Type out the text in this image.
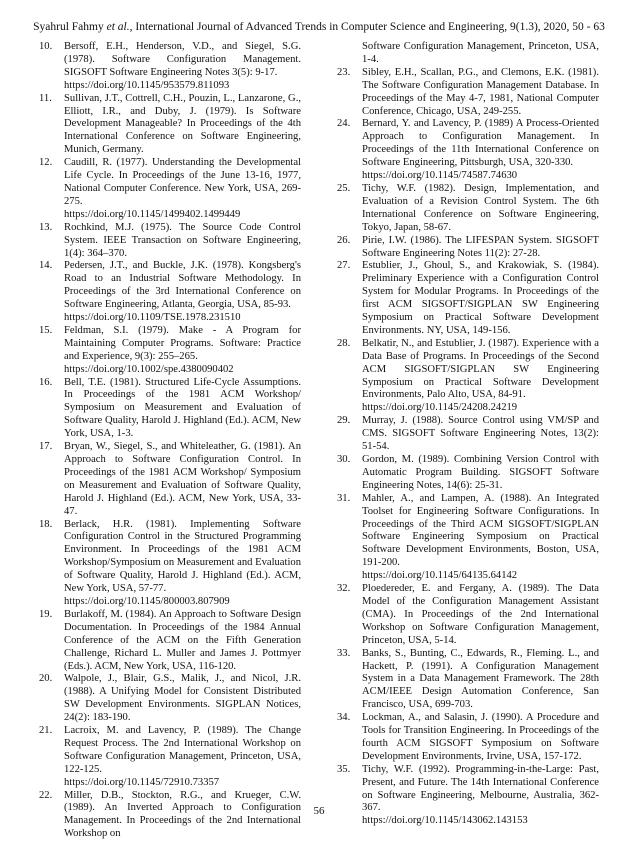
Syahrul Fahmy et al., International Journal of Advanced Trends in Computer Science and Engineering, 9(1.3), 2020, 50 - 63
10. Bersoff, E.H., Henderson, V.D., and Siegel, S.G. (1978). Software Configuration Management. SIGSOFT Software Engineering Notes 3(5): 9-17.
https://doi.org/10.1145/953579.811093
11. Sullivan, J.T., Cottrell, C.H., Pouzin, L., Lanzarone, G., Elliott, I.R., and Duby, J. (1979). Is Software Development Manageable? In Proceedings of the 4th International Conference on Software Engineering, Munich, Germany.
12. Caudill, R. (1977). Understanding the Developmental Life Cycle. In Proceedings of the June 13-16, 1977, National Computer Conference. New York, USA, 269-275.
https://doi.org/10.1145/1499402.1499449
13. Rochkind, M.J. (1975). The Source Code Control System. IEEE Transaction on Software Engineering, 1(4): 364–370.
14. Pedersen, J.T., and Buckle, J.K. (1978). Kongsberg's Road to an Industrial Software Methodology. In Proceedings of the 3rd International Conference on Software Engineering, Atlanta, Georgia, USA, 85-93.
https://doi.org/10.1109/TSE.1978.231510
15. Feldman, S.I. (1979). Make - A Program for Maintaining Computer Programs. Software: Practice and Experience, 9(3): 255–265.
https://doi.org/10.1002/spe.4380090402
16. Bell, T.E. (1981). Structured Life-Cycle Assumptions. In Proceedings of the 1981 ACM Workshop/ Symposium on Measurement and Evaluation of Software Quality, Harold J. Highland (Ed.). ACM, New York, USA, 1-3.
17. Bryan, W., Siegel, S., and Whiteleather, G. (1981). An Approach to Software Configuration Control. In Proceedings of the 1981 ACM Workshop/ Symposium on Measurement and Evaluation of Software Quality, Harold J. Highland (Ed.). ACM, New York, USA, 33-47.
18. Berlack, H.R. (1981). Implementing Software Configuration Control in the Structured Programming Environment. In Proceedings of the 1981 ACM Workshop/Symposium on Measurement and Evaluation of Software Quality, Harold J. Highland (Ed.). ACM, New York, USA, 57-77.
https://doi.org/10.1145/800003.807909
19. Burlakoff, M. (1984). An Approach to Software Design Documentation. In Proceedings of the 1984 Annual Conference of the ACM on the Fifth Generation Challenge, Richard L. Muller and James J. Pottmyer (Eds.). ACM, New York, USA, 116-120.
20. Walpole, J., Blair, G.S., Malik, J., and Nicol, J.R. (1988). A Unifying Model for Consistent Distributed SW Development Environments. SIGPLAN Notices, 24(2): 183-190.
21. Lacroix, M. and Lavency, P. (1989). The Change Request Process. The 2nd International Workshop on Software Configuration Management, Princeton, USA, 122-125.
https://doi.org/10.1145/72910.73357
22. Miller, D.B., Stockton, R.G., and Krueger, C.W. (1989). An Inverted Approach to Configuration Management. In Proceedings of the 2nd International Workshop on
Software Configuration Management, Princeton, USA, 1-4.
23. Sibley, E.H., Scallan, P.G., and Clemons, E.K. (1981). The Software Configuration Management Database. In Proceedings of the May 4-7, 1981, National Computer Conference, Chicago, USA, 249-255.
24. Bernard, Y. and Lavency, P. (1989) A Process-Oriented Approach to Configuration Management. In Proceedings of the 11th International Conference on Software Engineering, Pittsburgh, USA, 320-330.
https://doi.org/10.1145/74587.74630
25. Tichy, W.F. (1982). Design, Implementation, and Evaluation of a Revision Control System. The 6th International Conference on Software Engineering, Tokyo, Japan, 58-67.
26. Pirie, I.W. (1986). The LIFESPAN System. SIGSOFT Software Engineering Notes 11(2): 27-28.
27. Estublier, J., Ghoul, S., and Krakowiak, S. (1984). Preliminary Experience with a Configuration Control System for Modular Programs. In Proceedings of the first ACM SIGSOFT/SIGPLAN SW Engineering Symposium on Practical Software Development Environments. NY, USA, 149-156.
28. Belkatir, N., and Estublier, J. (1987). Experience with a Data Base of Programs. In Proceedings of the Second ACM SIGSOFT/SIGPLAN SW Engineering Symposium on Practical Software Development Environments, Palo Alto, USA, 84-91.
https://doi.org/10.1145/24208.24219
29. Murray, J. (1988). Source Control using VM/SP and CMS. SIGSOFT Software Engineering Notes, 13(2): 51-54.
30. Gordon, M. (1989). Combining Version Control with Automatic Program Building. SIGSOFT Software Engineering Notes, 14(6): 25-31.
31. Mahler, A., and Lampen, A. (1988). An Integrated Toolset for Engineering Software Configurations. In Proceedings of the Third ACM SIGSOFT/SIGPLAN Software Engineering Symposium on Practical Software Development Environments, Boston, USA, 191-200.
https://doi.org/10.1145/64135.64142
32. Ploedereder, E. and Fergany, A. (1989). The Data Model of the Configuration Management Assistant (CMA). In Proceedings of the 2nd International Workshop on Software Configuration Management, Princeton, USA, 5-14.
33. Banks, S., Bunting, C., Edwards, R., Fleming. L., and Hackett, P. (1991). A Configuration Management System in a Data Management Framework. The 28th ACM/IEEE Design Automation Conference, San Francisco, USA, 699-703.
34. Lockman, A., and Salasin, J. (1990). A Procedure and Tools for Transition Engineering. In Proceedings of the fourth ACM SIGSOFT Symposium on Software Development Environments, Irvine, USA, 157-172.
35. Tichy, W.F. (1992). Programming-in-the-Large: Past, Present, and Future. The 14th International Conference on Software Engineering, Melbourne, Australia, 362-367.
https://doi.org/10.1145/143062.143153
56
